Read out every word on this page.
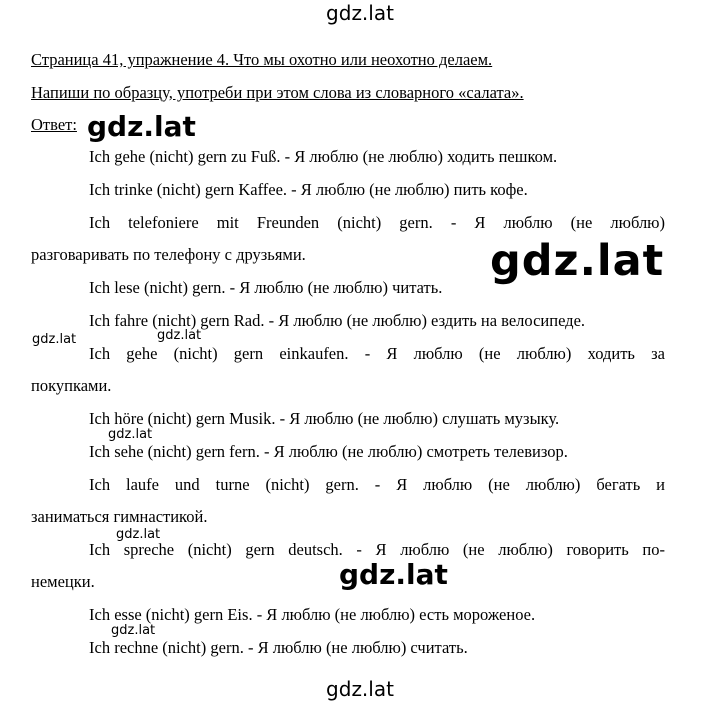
Страница 41, упражнение 4. Что мы охотно или неохотно делаем.
Напиши по образцу, употреби при этом слова из словарного «салата».
Ответ:
Ich gehe (nicht) gern zu Fuß. - Я люблю (не люблю) ходить пешком.
Ich trinke (nicht) gern Kaffee. - Я люблю (не люблю) пить кофе.
Ich telefoniere mit Freunden (nicht) gern. - Я люблю (не люблю)
разговаривать по телефону с друзьями.
Ich lese (nicht) gern. - Я люблю (не люблю) читать.
Ich fahre (nicht) gern Rad. - Я люблю (не люблю) ездить на велосипеде.
Ich gehe (nicht) gern einkaufen. - Я люблю (не люблю) ходить за
покупками.
Ich höre (nicht) gern Musik. - Я люблю (не люблю) слушать музыку.
Ich sehe (nicht) gern fern. - Я люблю (не люблю) смотреть телевизор.
Ich laufe und turne (nicht) gern. - Я люблю (не люблю) бегать и
заниматься гимнастикой.
Ich spreche (nicht) gern deutsch. - Я люблю (не люблю) говорить по-
немецки.
Ich esse (nicht) gern Eis. - Я люблю (не люблю) есть мороженое.
Ich rechne (nicht) gern. - Я люблю (не люблю) считать.
gdz.lat
gdz.lat
gdz.lat
gdz.lat
gdz.lat
gdz.lat	gdz.lat
gdz.lat
gdz.lat
gdz.lat
